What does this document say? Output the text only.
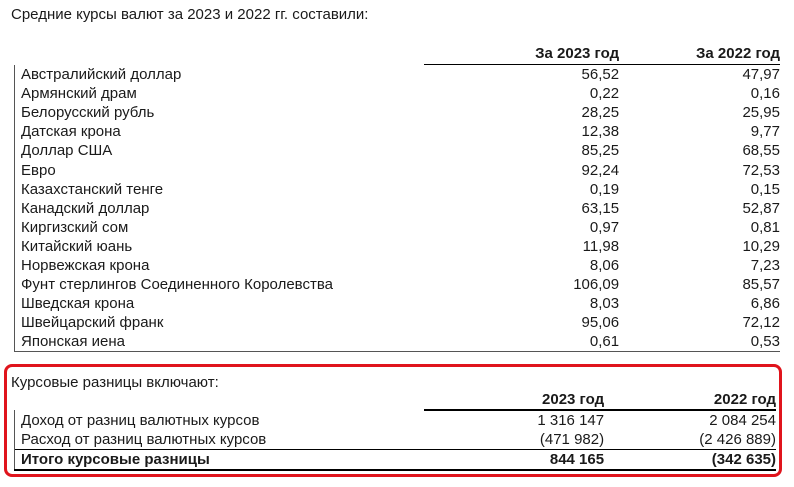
Средние курсы валют за 2023 и 2022 гг. составили:
	За 2023 год	За 2022 год
Австралийский доллар	56,52	47,97
Армянский драм	0,22	0,16
Белорусский рубль	28,25	25,95
Датская крона	12,38	9,77
Доллар США	85,25	68,55
Евро	92,24	72,53
Казахстанский тенге	0,19	0,15
Канадский доллар	63,15	52,87
Киргизский сом	0,97	0,81
Китайский юань	11,98	10,29
Норвежская крона	8,06	7,23
Фунт стерлингов Соединенного Королевства	106,09	85,57
Шведская крона	8,03	6,86
Швейцарский франк	95,06	72,12
Японская иена	0,61	0,53
Курсовые разницы включают:
	2023 год	2022 год
Доход от разниц валютных курсов	1 316 147	2 084 254
Расход от разниц валютных курсов	(471 982)	(2 426 889)
Итого курсовые разницы	844 165	(342 635)
